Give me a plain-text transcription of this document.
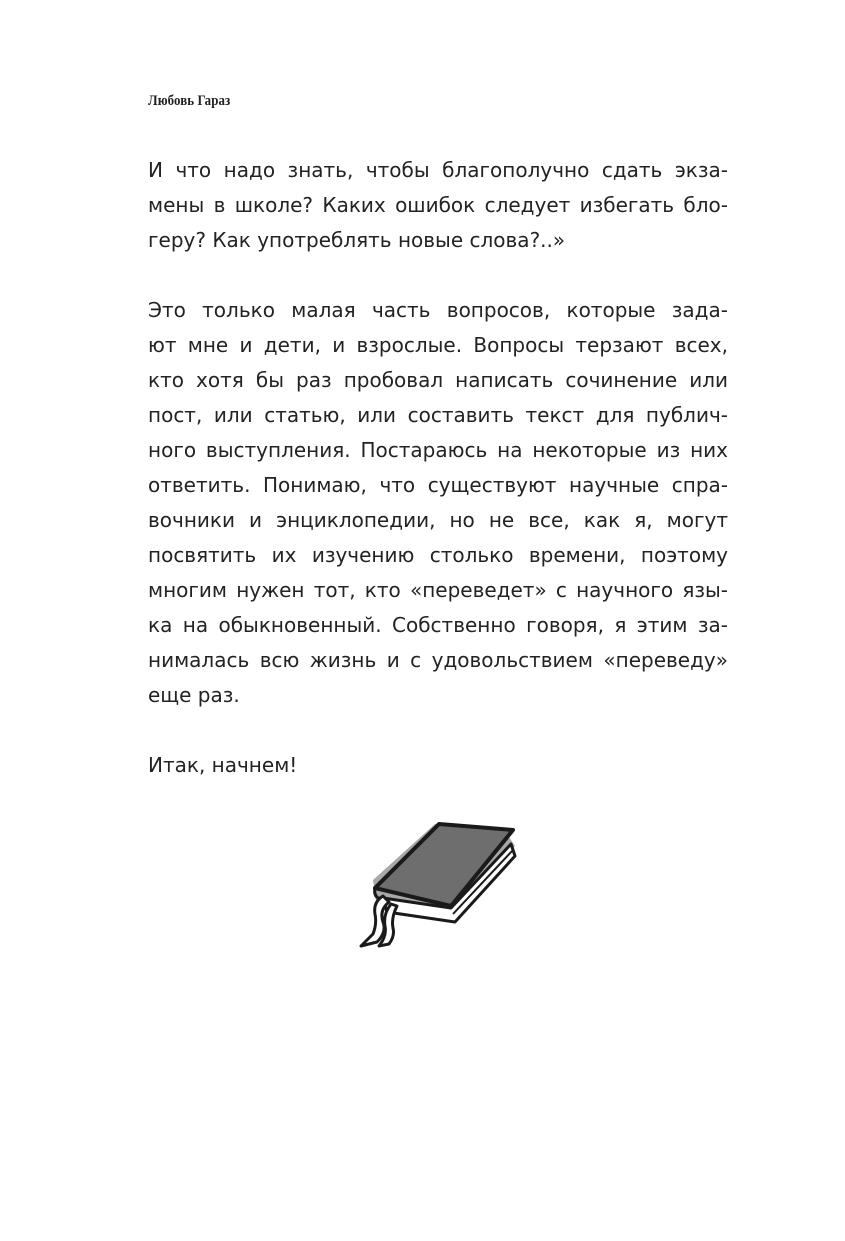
Любовь Гараз

И что надо знать, чтобы благополучно сдать экза-
мены в школе? Каких ошибок следует избегать бло-
геру? Как употреблять новые слова?..»

Это только малая часть вопросов, которые зада-
ют мне и дети, и взрослые. Вопросы терзают всех,
кто хотя бы раз пробовал написать сочинение или
пост, или статью, или составить текст для публич-
ного выступления. Постараюсь на некоторые из них
ответить. Понимаю, что существуют научные спра-
вочники и энциклопедии, но не все, как я, могут
посвятить их изучению столько времени, поэтому
многим нужен тот, кто «переведет» с научного язы-
ка на обыкновенный. Собственно говоря, я этим за-
нималась всю жизнь и с удовольствием «переведу»
еще раз.

Итак, начнем!
